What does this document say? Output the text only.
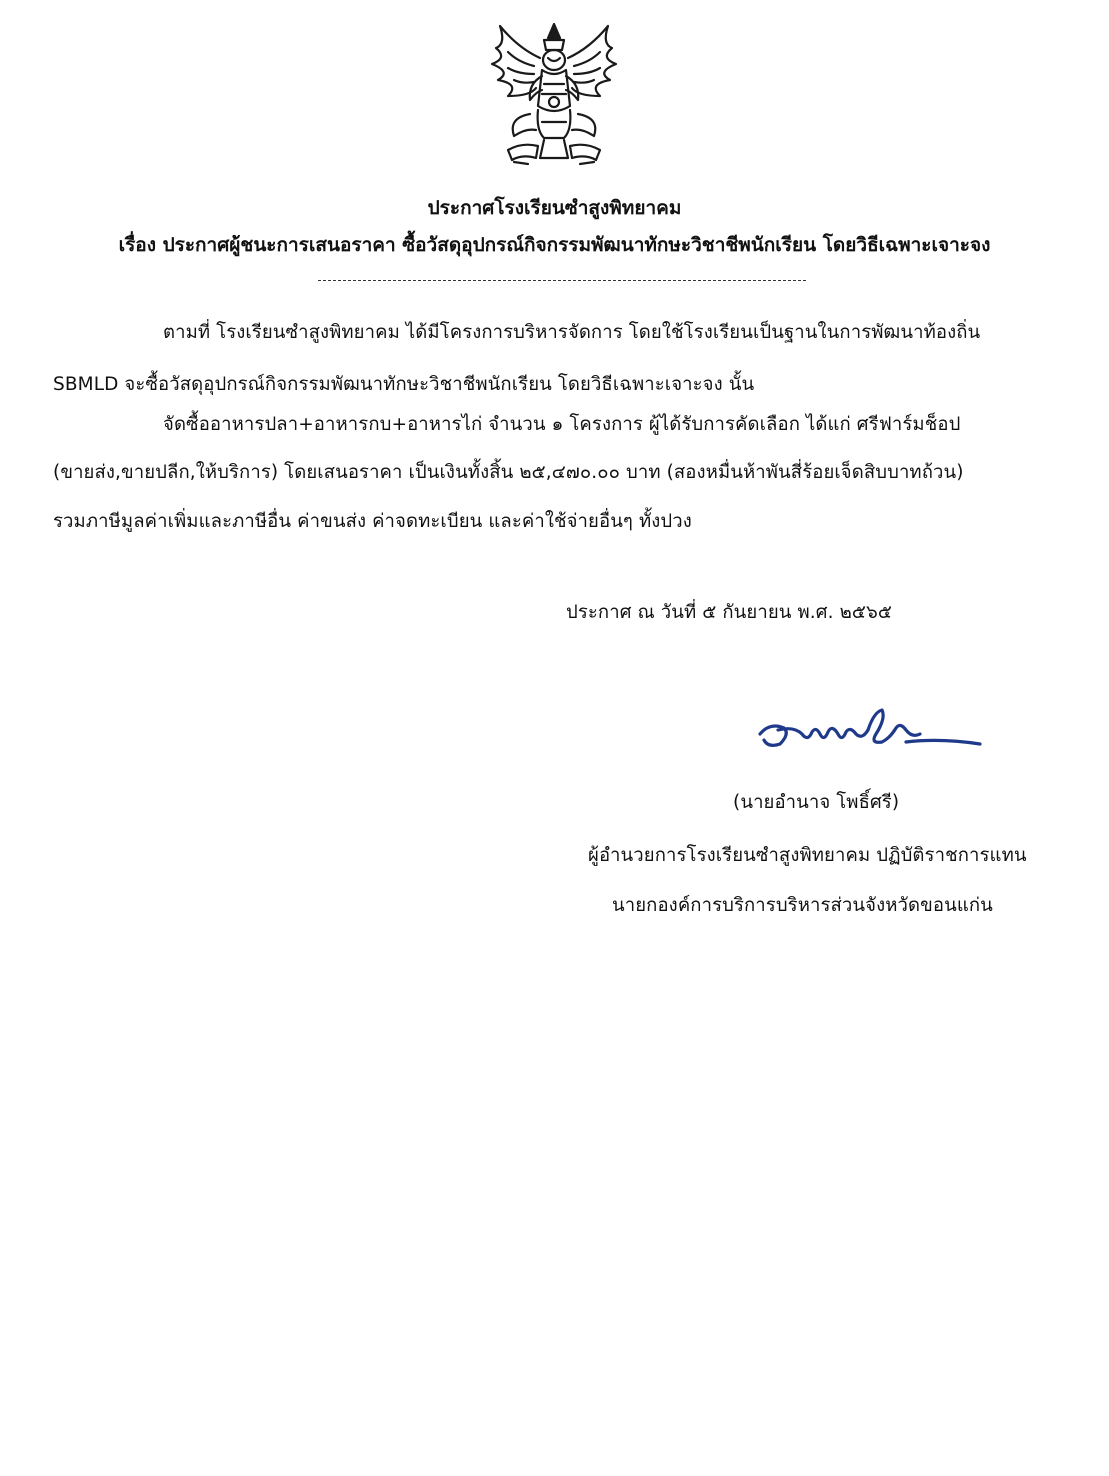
ประกาศโรงเรียนซำสูงพิทยาคม
เรื่อง ประกาศผู้ชนะการเสนอราคา ซื้อวัสดุอุปกรณ์กิจกรรมพัฒนาทักษะวิชาชีพนักเรียน โดยวิธีเฉพาะเจาะจง
ตามที่ โรงเรียนซำสูงพิทยาคม ได้มีโครงการบริหารจัดการ โดยใช้โรงเรียนเป็นฐานในการพัฒนาท้องถิ่น
SBMLD จะซื้อวัสดุอุปกรณ์กิจกรรมพัฒนาทักษะวิชาชีพนักเรียน โดยวิธีเฉพาะเจาะจง นั้น
จัดซื้ออาหารปลา+อาหารกบ+อาหารไก่ จำนวน ๑ โครงการ ผู้ได้รับการคัดเลือก ได้แก่ ศรีฟาร์มช็อป
(ขายส่ง,ขายปลีก,ให้บริการ) โดยเสนอราคา เป็นเงินทั้งสิ้น ๒๕,๔๗๐.๐๐ บาท (สองหมื่นห้าพันสี่ร้อยเจ็ดสิบบาทถ้วน)
รวมภาษีมูลค่าเพิ่มและภาษีอื่น ค่าขนส่ง ค่าจดทะเบียน และค่าใช้จ่ายอื่นๆ ทั้งปวง
ประกาศ ณ วันที่ ๕ กันยายน พ.ศ. ๒๕๖๕
(นายอำนาจ โพธิ์ศรี)
ผู้อำนวยการโรงเรียนซำสูงพิทยาคม ปฏิบัติราชการแทน
นายกองค์การบริการบริหารส่วนจังหวัดขอนแก่น
